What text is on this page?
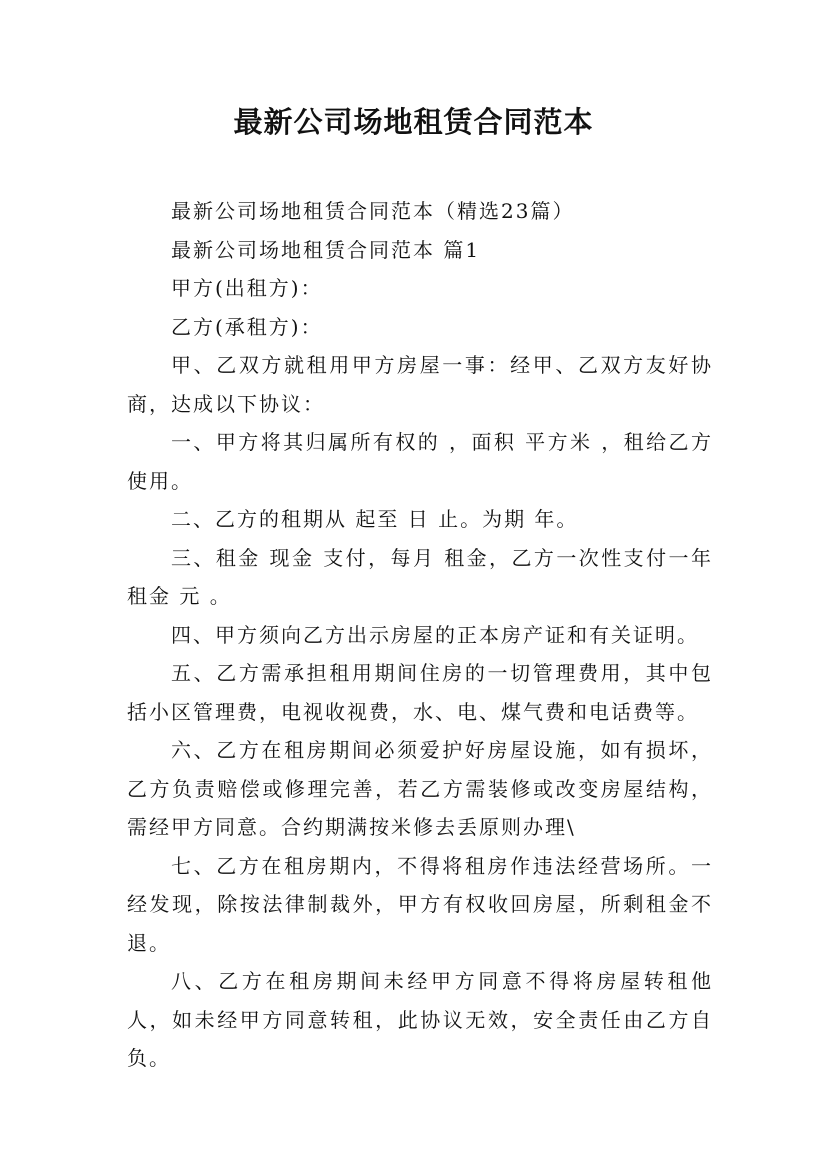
最新公司场地租赁合同范本

最新公司场地租赁合同范本（精选23篇）

最新公司场地租赁合同范本 篇1

甲方(出租方)：

乙方(承租方)：

甲、乙双方就租用甲方房屋一事：经甲、乙双方友好协商，达成以下协议：

一、甲方将其归属所有权的 ，面积 平方米 ，租给乙方使用。

二、乙方的租期从 起至 日 止。为期 年。

三、租金 现金 支付，每月 租金，乙方一次性支付一年租金 元 。

四、甲方须向乙方出示房屋的正本房产证和有关证明。

五、乙方需承担租用期间住房的一切管理费用，其中包括小区管理费，电视收视费，水、电、煤气费和电话费等。

六、乙方在租房期间必须爱护好房屋设施，如有损坏，乙方负责赔偿或修理完善，若乙方需装修或改变房屋结构，需经甲方同意。合约期满按米修去丢原则办理\

七、乙方在租房期内，不得将租房作违法经营场所。一经发现，除按法律制裁外，甲方有权收回房屋，所剩租金不退。

八、乙方在租房期间未经甲方同意不得将房屋转租他人，如未经甲方同意转租，此协议无效，安全责任由乙方自负。
